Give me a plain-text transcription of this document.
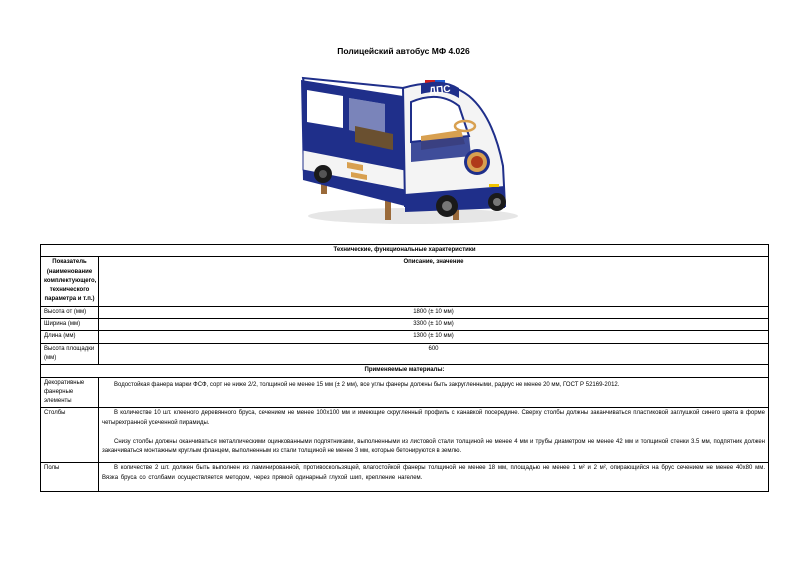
Полицейский автобус МФ 4.026
ДПС
Технические, функциональные характеристики	
Показатель (наименование комплектующего, технического параметра и т.п.)	Описание, значение
Высота от (мм)	1800 (± 10 мм)
Ширина (мм)	3300 (± 10 мм)
Длина (мм)	1300 (± 10 мм)
Высота площадки (мм)	600
Применяемые материалы:	
Декоративные фанерные элементы	Водостойкая фанера марки ФСФ, сорт не ниже 2/2, толщиной не менее 15 мм (± 2 мм), все углы фанеры должны быть закругленными, радиус не менее 20 мм, ГОСТ Р 52169-2012.

Столбы	В количестве 10 шт. клееного деревянного бруса, сечением не менее 100х100 мм и имеющие скругленный профиль с канавкой посередине. Сверху столбы должны заканчиваться пластиковой заглушкой синего цвета в форме четырехгранной усеченной пирамиды.

Снизу столбы должны оканчиваться металлическими оцинкованными подпятниками, выполненными из листовой стали толщиной не менее 4 мм и трубы диаметром не менее 42 мм и толщиной стенки 3.5 мм, подпятник должен заканчиваться монтажным круглым фланцем, выполненным из стали толщиной не менее 3 мм, которые бетонируются в землю.

Полы	В количестве 2 шт. должен быть выполнен из ламинированной, противоскользящей, влагостойкой фанеры толщиной не менее 18 мм, площадью не менее 1 м² и 2 м², опирающийся на брус сечением не менее 40х80 мм. Вязка бруса со столбами осуществляется методом, через прямой одинарный глухой шип, крепление нагелем.
